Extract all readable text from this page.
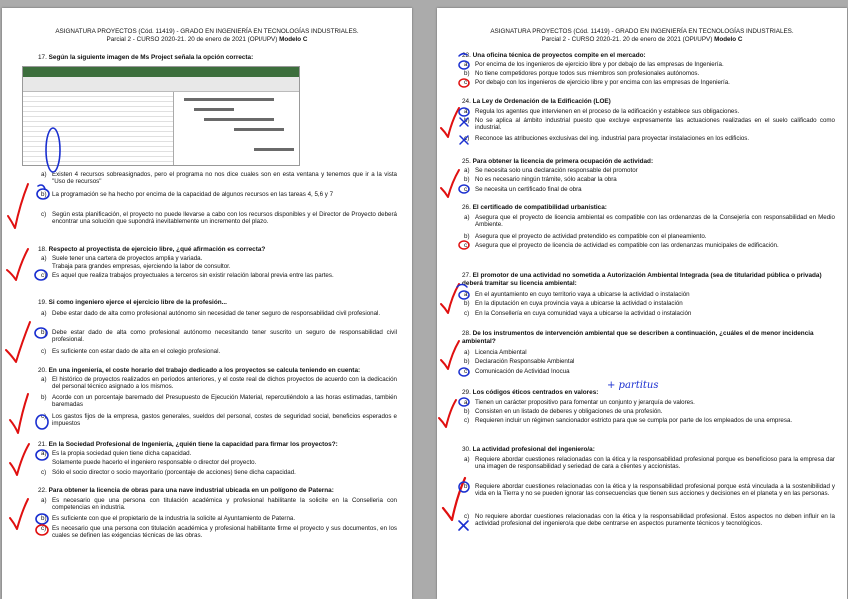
ASIGNATURA PROYECTOS (Cód. 11419) - GRADO EN INGENIERÍA EN TECNOLOGÍAS INDUSTRIALES.
Parcial 2 - CURSO 2020-21. 20 de enero de 2021 (OPI/UPV) Modelo C
17. Según la siguiente imagen de Ms Project señala la opción correcta:
a) Existen 4 recursos sobreasignados, pero el programa no nos dice cuales son en esta ventana y tenemos que ir a la vista "Uso de recursos"
b) La programación se ha hecho por encima de la capacidad de algunos recursos en las tareas 4, 5,6 y 7
c) Según esta planificación, el proyecto no puede llevarse a cabo con los recursos disponibles y el Director de Proyecto deberá encontrar una solución que supondrá inevitablemente un incremento del plazo.
18. Respecto al proyectista de ejercicio libre, ¿qué afirmación es correcta?
a) Suele tener una cartera de proyectos amplia y variada.
Trabaja para grandes empresas, ejerciendo la labor de consultor.
c) Es aquel que realiza trabajos proyectuales a terceros sin existir relación laboral previa entre las partes.
19. Si como ingeniero ejerce el ejercicio libre de la profesión...
a) Debe estar dado de alta como profesional autónomo sin necesidad de tener seguro de responsabilidad civil profesional.
b) Debe estar dado de alta como profesional autónomo necesitando tener suscrito un seguro de responsabilidad civil profesional.
c) Es suficiente con estar dado de alta en el colegio profesional.
20. En una ingeniería, el coste horario del trabajo dedicado a los proyectos se calcula teniendo en cuenta:
a) El histórico de proyectos realizados en períodos anteriores, y el coste real de dichos proyectos de acuerdo con la dedicación del personal técnico asignado a los mismos.
b) Acorde con un porcentaje baremado del Presupuesto de Ejecución Material, repercutiéndolo a las horas estimadas, también baremadas
c) Los gastos fijos de la empresa, gastos generales, sueldos del personal, costes de seguridad social, beneficios esperados e impuestos
21. En la Sociedad Profesional de Ingeniería, ¿quién tiene la capacidad para firmar los proyectos?:
a) Es la propia sociedad quien tiene dicha capacidad.
Solamente puede hacerlo el ingeniero responsable o director del proyecto.
c) Sólo el socio director o socio mayoritario (porcentaje de acciones) tiene dicha capacidad.
22. Para obtener la licencia de obras para una nave industrial ubicada en un polígono de Paterna:
a) Es necesario que una persona con titulación académica y profesional habilitante la solicite en la Conselleria con competencias en industria.
b) Es suficiente con que el propietario de la industria la solicite al Ayuntamiento de Paterna.
c) Es necesario que una persona con titulación académica y profesional habilitante firme el proyecto y sus documentos, en los cuales se definen las exigencias técnicas de las obras.
ASIGNATURA PROYECTOS (Cód. 11419) - GRADO EN INGENIERÍA EN TECNOLOGÍAS INDUSTRIALES.
Parcial 2 - CURSO 2020-21. 20 de enero de 2021 (OPI/UPV) Modelo C
23. Una oficina técnica de proyectos compite en el mercado:
a) Por encima de los ingenieros de ejercicio libre y por debajo de las empresas de Ingeniería.
b) No tiene competidores porque todos sus miembros son profesionales autónomos.
c) Por debajo con los ingenieros de ejercicio libre y por encima con las empresas de Ingeniería.
24. La Ley de Ordenación de la Edificación (LOE)
a) Regula los agentes que intervienen en el proceso de la edificación y establece sus obligaciones.
b) No se aplica al ámbito industrial puesto que excluye expresamente las actuaciones realizadas en el suelo calificado como industrial.
c) Reconoce las atribuciones exclusivas del ing. industrial para proyectar instalaciones en los edificios.
25. Para obtener la licencia de primera ocupación de actividad:
a) Se necesita solo una declaración responsable del promotor
b) No es necesario ningún trámite, sólo acabar la obra
c) Se necesita un certificado final de obra
26. El certificado de compatibilidad urbanística:
a) Asegura que el proyecto de licencia ambiental es compatible con las ordenanzas de la Consejería con responsabilidad en Medio Ambiente.
b) Asegura que el proyecto de actividad pretendido es compatible con el planeamiento.
c) Asegura que el proyecto de licencia de actividad es compatible con las ordenanzas municipales de edificación.
27. El promotor de una actividad no sometida a Autorización Ambiental Integrada (sea de titularidad pública o privada) deberá tramitar su licencia ambiental:
a) En el ayuntamiento en cuyo territorio vaya a ubicarse la actividad o instalación
b) En la diputación en cuya provincia vaya a ubicarse la actividad o instalación
c) En la Consellería en cuya comunidad vaya a ubicarse la actividad o instalación
28. De los instrumentos de intervención ambiental que se describen a continuación, ¿cuáles el de menor incidencia ambiental?
a) Licencia Ambiental
b) Declaración Responsable Ambiental
c) Comunicación de Actividad Inocua
29. Los códigos éticos centrados en valores:
a) Tienen un carácter propositivo para fomentar un conjunto y jerarquía de valores.
b) Consisten en un listado de deberes y obligaciones de una profesión.
c) Requieren incluir un régimen sancionador estricto para que se cumpla por parte de los empleados de una empresa.
30. La actividad profesional del ingeniero/a:
a) Requiere abordar cuestiones relacionadas con la ética y la responsabilidad profesional porque es beneficioso para la empresa dar una imagen de responsabilidad y seriedad de cara a clientes y accionistas.
b) Requiere abordar cuestiones relacionadas con la ética y la responsabilidad profesional porque está vinculada a la sostenibilidad y vida en la Tierra y no se pueden ignorar las consecuencias que tienen sus acciones y decisiones en el planeta y en las personas.
c) No requiere abordar cuestiones relacionadas con la ética y la responsabilidad profesional. Estos aspectos no deben influir en la actividad profesional del ingeniero/a que debe centrarse en aspectos puramente técnicos y tecnológicos.
+ partitus
